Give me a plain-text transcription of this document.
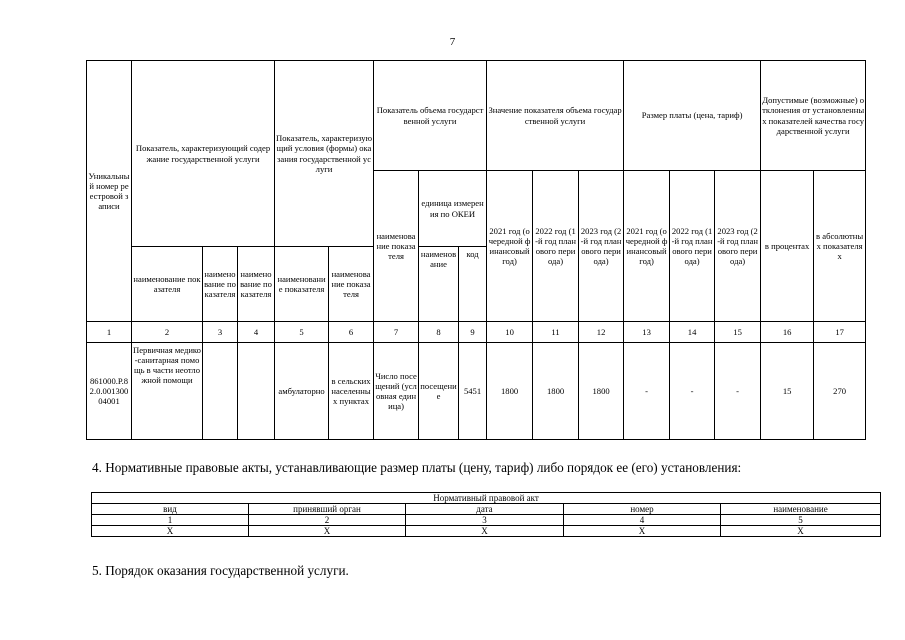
7
Уникальный номер реестровой записи	Показатель, характеризующий содержание государственной услуги			Показатель, характеризующий условия (формы) оказания государственной услуги		Показатель объема государственной услуги			Значение показателя объема государственной услуги			Размер платы (цена, тариф)			Допустимые (возможные) отклонения от установленных показателей качества государственной услуги	
						наименование показателя	единица измерения по ОКЕИ		2021 год (очередной финансовый год)	2022 год (1-й год планового периода)	2023 год (2-й год планового периода)	2021 год (очередной финансовый год)	2022 год (1-й год планового периода)	2023 год (2-й год планового периода)	в процентах	в абсолютных показателях
	наименование показателя	наименование показателя	наименование показателя	наименование показателя	наименование показателя		наименование	код								
1	2	3	4	5	6	7	8	9	10	11	12	13	14	15	16	17
861000.Р.82.0.00130004001	Первичная медико-санитарная помощь в части неотложной помощи			амбулаторно	в сельских населенных пунктах	Число посещений (условная единица)	посещение	5451	1800	1800	1800	-	-	-	15	270
4. Нормативные правовые акты, устанавливающие размер платы (цену, тариф) либо порядок ее (его) установления:
Нормативный правовой акт				
вид	принявший орган	дата	номер	наименование
1	2	3	4	5
Х	Х	Х	Х	Х
5. Порядок оказания государственной услуги.
